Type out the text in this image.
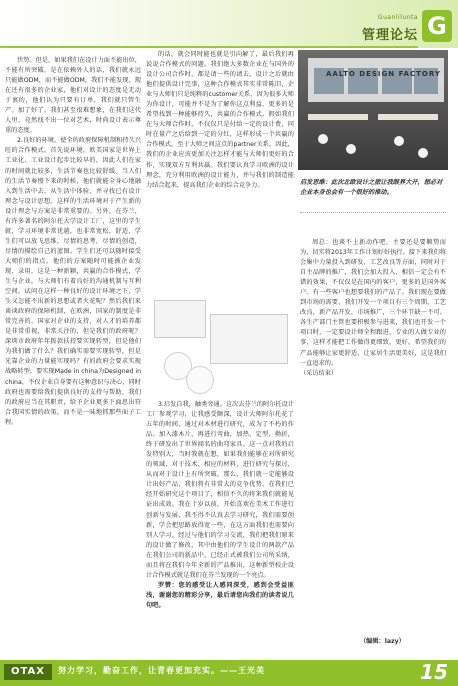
Guanlilunta
管理论坛 G

伏势。但是，如果我们在设计力面不能出位，不能有所突破，是在依赖外人的话，我们就永远只能做ODM，而不能做ODM，我们不能发现。现在还有很多的企业家，他们对设计的态度是无动于衷的，他们认为只要有订单，我们就只管生产。加了好了，我们甚至很难想象，在我们这代人里，竟然找不出一位对艺术，时尚设计表示尊重的态度。

2.良好的环境，使全的政府保障机制和持久兴旺的合作模式。首先说环境，欧美国家是世界上工业化、工业设计起步比较早的，因此人们在家的时间就比较多，生活节奏也比较舒缓。当人们的生活节奏慢下来的时候，他们就能全身心地融入到生活中去，从生活中体验、并寻找已有设计理念与设计思想。这样的生活环境对于产生新的设计理念与方案是非常重要的。另外，在芬兰，有许多著名的阿尔托大学设计工厂，这里的学生就，学习环境非常优越，也非常宽松，舒适，学生们可以放飞思维，尽情的思考，尽情的创造，尽情的描绘自己的蓝图。学生们还可以随时接受大师们的指点，他们的方案随时可能被企业发现，录用，这是一种新颖，共赢的合作模式，学生与企业，与大师们有着良好的沟通机制与互利空间，试问在这样一种良好的设计环境之下，学生又怎能不出新的思想或者火花呢？然后我们来谈谈政府的保障机制，在欧洲，国家的制度是非常完善的，国家对企业的支持，对人才的培养都是非常重视，非常关注的，但是我们的政府呢？深圳市政府年年拨款扶持要实现转型，但是他们为我们做了什么？我们确实需要实现转型，但是光靠企业的力量能实现吗？有的政府会要求实现战略转型，要实现Made in china为Designed in china，不仅企业自身要有这种意识与决心，同时政府也需要给我们提供良好的支持与帮助，我们的政府应当在其职责，给予企业更多下面思出符合我国实情的政策，而不是一味地抓那些面子工程。

的话，就会同时能也就是引向解了，最后我们再说说合作模式的问题。我们绝大多数企业在与国外的设计公司合作时，都是请一些的请去，设计之后就由他们提供设计完事，这种合作模式其实非常陈旧，企业与大师们只是纯粹的customer关系，因为很多大师为你设计，可能并不是为了解你这点利益，更多的是希望找到一种能够持久，共赢的合作模式。假如我们在与大师合作时，不仅仅只是付给一定的设计费，同时在量产之后给到一定的分红，这样形成一个共赢的合作模式，至于大师之间这点的partner关系，因此，我们的企业应该更加关注怎样才能与大师们更好的合作，实现双方互利共赢。我们要认真学习欧洲的设计理念，充分利用欧洲的设计能力，并与我们的制造能力结合起来，提高我们企业的综合竞争力。

3.启发自我，触类旁通。这次去芬兰的阿尔托设计工厂参观学习，让我感受颇深，设计大师阿尔托花了五年的时间，通过对木材进行研究，成为了不朽的作品。加入漆木片，再进行弯曲，加热，定型，拗折，终于研发出了世界闻名的曲弯家具。这一点对我的启发特别大，当时我就在想，如果我们能够在对所研究的领域，对于技术、相应的材料，进行研究与探讨，从而对于设计上有所突破，那么，我们就一定能够设计出好产品，我们将有非常大的竞争优势，在我们已经开始研究这个项目了，相信不久的将来我们就能见证出成效。我在十岁以前，开始喜欢在美术工作进行创新与发展，我不得不认真去学习研究，我们需要创新，学会把思路放得宽一些，在这方面我们也需要向别人学习。经过与他们的学习交流，我们把我们原来的设计做了修改，其中由他们的学生设计的两款产品在我们公司的新品中，已经正式被我们公司所采纳，而且将在我们今年全新的产品推出，这种新型校企设计合作模式就是我们在芬兰发现的一个亮点。

罗赞：您的感受让人感同深受，感到会受益匪浅，谢谢您的精彩分享，最后请您向我们的读者说几句吧。

AALTO DESIGN FACTORY
启发思维：此次北欧设计之旅让我眼界大开，想必对企业本身也会有一个很好的推动。

周总：也谈不上新动作吧，主要还是要顺势而为，切实将2013年工作计划好好执行。接下来我们将会集中力量投入到研发，工艺改良等方面，同时对于自主品牌的推广，我们会加大投入，相信一定会有不错的效果，不仅仅是在国内的客户，更多的是国外客户。有一些客户也想要我们的产品了。我们现在要做到市场的需要，我们开发一个项目有三个周期，工艺改良，新产品开发，市场推广，三个环节缺一不可。各生产部门主管也要积极参与进来，我们也开发一个项目时，一定要设计师全程跟进，专业的人做专业的事，这样才能把工作做得更细致，更好。希望我们的产品能够让家更舒适，让家居生活更美好，这是我们一直追求的。

（采访结束）

（编辑：lazy）
OTAX	努力学习，勤奋工作，让青春更加充实。——王光美	15
